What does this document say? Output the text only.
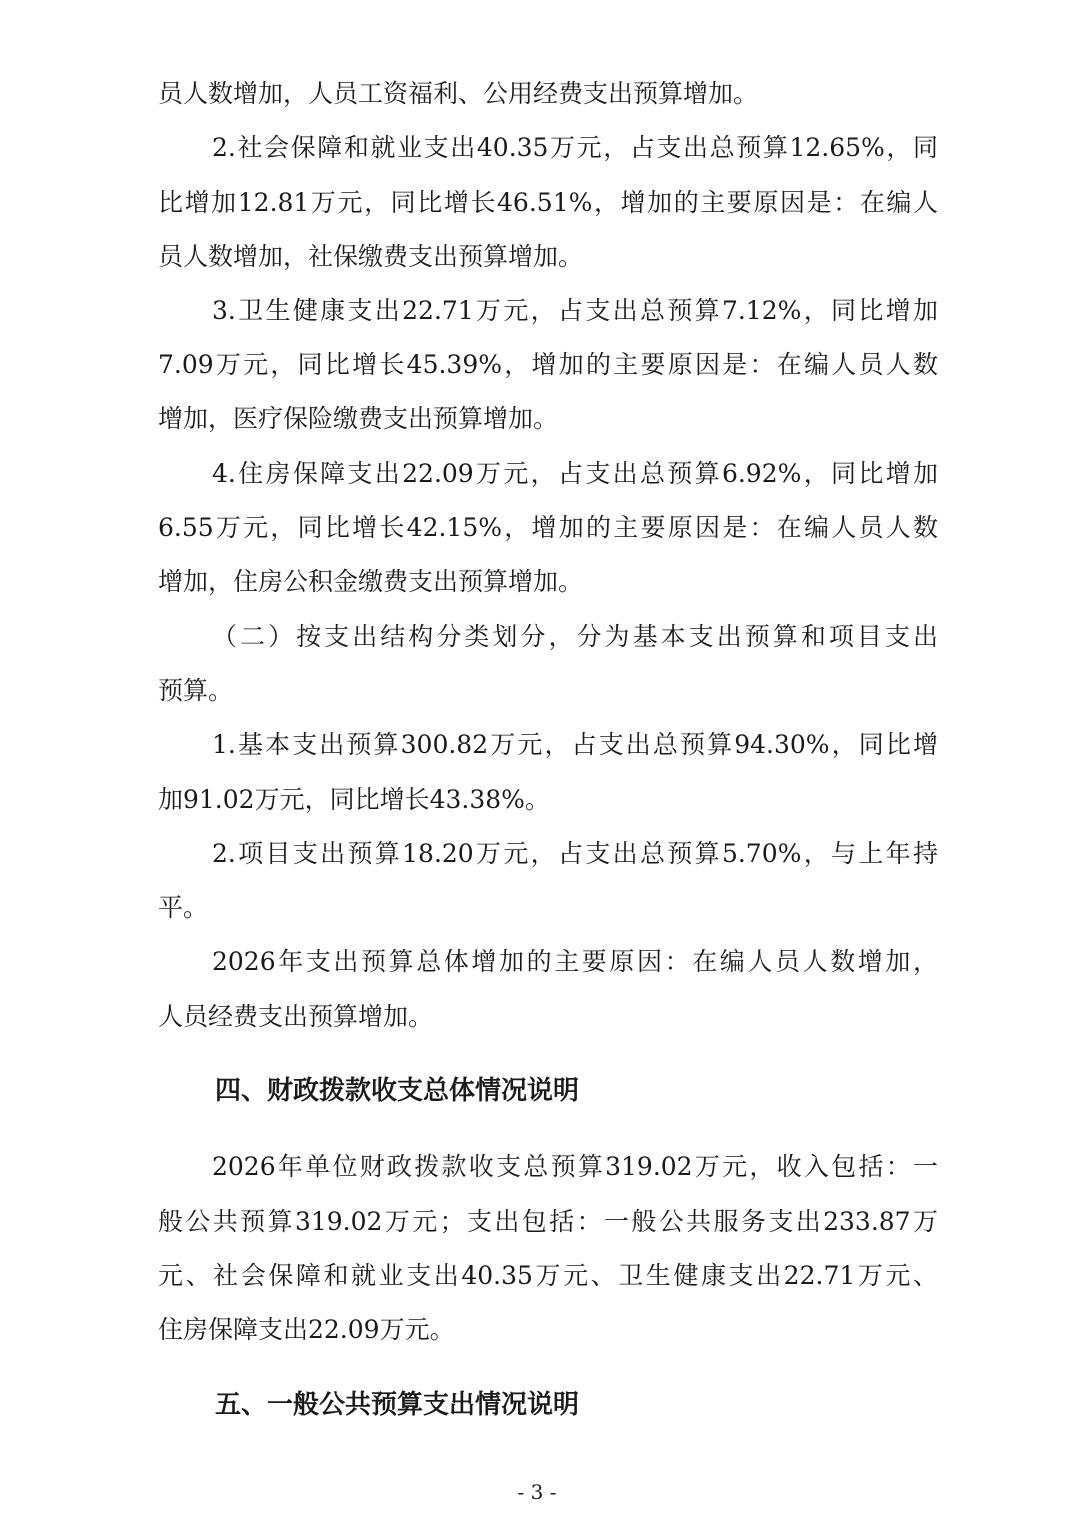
员人数增加，人员工资福利、公用经费支出预算增加。
2.社会保障和就业支出40.35万元，占支出总预算12.65%，同
比增加12.81万元，同比增长46.51%，增加的主要原因是：在编人
员人数增加，社保缴费支出预算增加。
3.卫生健康支出22.71万元，占支出总预算7.12%，同比增加
7.09万元，同比增长45.39%，增加的主要原因是：在编人员人数
增加，医疗保险缴费支出预算增加。
4.住房保障支出22.09万元，占支出总预算6.92%，同比增加
6.55万元，同比增长42.15%，增加的主要原因是：在编人员人数
增加，住房公积金缴费支出预算增加。
（二）按支出结构分类划分，分为基本支出预算和项目支出
预算。
1.基本支出预算300.82万元，占支出总预算94.30%，同比增
加91.02万元，同比增长43.38%。
2.项目支出预算18.20万元，占支出总预算5.70%，与上年持
平。
2026年支出预算总体增加的主要原因：在编人员人数增加，
人员经费支出预算增加。
四、财政拨款收支总体情况说明
2026年单位财政拨款收支总预算319.02万元，收入包括：一
般公共预算319.02万元；支出包括：一般公共服务支出233.87万
元、社会保障和就业支出40.35万元、卫生健康支出22.71万元、
住房保障支出22.09万元。
五、一般公共预算支出情况说明
- 3 -
